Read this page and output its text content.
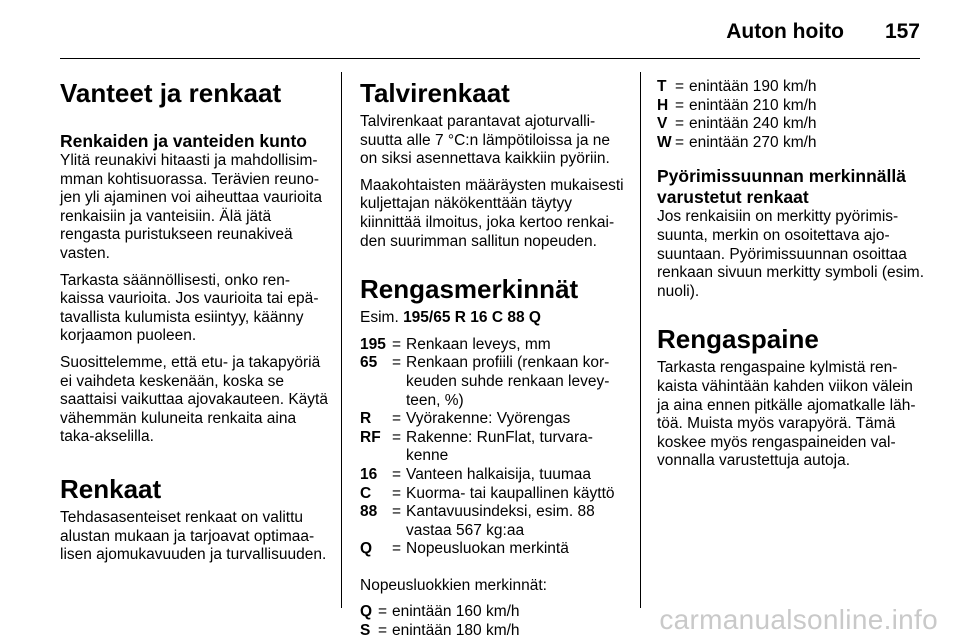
Auton hoito 157
Vanteet ja renkaat
Renkaiden ja vanteiden kunto

Ylitä reunakivi hitaasti ja mahdollisimmman kohtisuorassa. Terävien reunojen yli ajaminen voi aiheuttaa vaurioita renkaisiin ja vanteisiin. Älä jätä rengasta puristukseen reunakiveä vasten.

Tarkasta säännöllisesti, onko renkaissa vaurioita. Jos vaurioita tai epätavallista kulumista esiintyy, käänny korjaamon puoleen.

Suosittelemme, että etu- ja takapyöriä ei vaihdeta keskenään, koska se saattaisi vaikuttaa ajovakauteen. Käytä vähemmän kuluneita renkaita aina taka-akselilla.

Renkaat

Tehdasasenteiset renkaat on valittu alustan mukaan ja tarjoavat optimaalisen ajomukavuuden ja turvallisuuden.

Talvirenkaat

Talvirenkaat parantavat ajoturvallisuutta alle 7 °C:n lämpötiloissa ja ne on siksi asennettava kaikkiin pyöriin.

Maakohtaisten määräysten mukaisesti kuljettajan näkökenttään täytyy kiinnittää ilmoitus, joka kertoo renkaiden suurimman sallitun nopeuden.

Rengasmerkinnät
Esim. 195/65 R 16 C 88 Q
195 = Renkaan leveys, mm
65 = Renkaan profiili (renkaan korkeuden suhde renkaan leveyteen, %)
R	= Vyörakenne: Vyörengas
RF = Rakenne: RunFlat, turvarakenne
16 = Vanteen halkaisija, tuumaa
C	= Kuorma- tai kaupallinen käyttö
88 = Kantavuusindeksi, esim. 88 vastaa 567 kg:aa
Q	= Nopeusluokan merkintä

Nopeusluokkien merkinnät:

Q = enintään 160 km/h
S = enintään 180 km/h
T = enintään 190 km/h
H = enintään 210 km/h
V = enintään 240 km/h
W = enintään 270 km/h
Pyörimissuunnan merkinnällä varustetut renkaat

Jos renkaisiin on merkitty pyörimissuunta, merkin on osoitettava ajosuuntaan. Pyörimissuunnan osoittaa renkaan sivuun merkitty symboli (esim. nuoli).

Rengaspaine

Tarkasta rengaspaine kylmistä renkaista vähintään kahden viikon välein ja aina ennen pitkälle ajomatkalle lähtöä. Muista myös varapyörä. Tämä koskee myös rengaspaineiden valvonnalla varustettuja autoja.

carmanualsonline.info
